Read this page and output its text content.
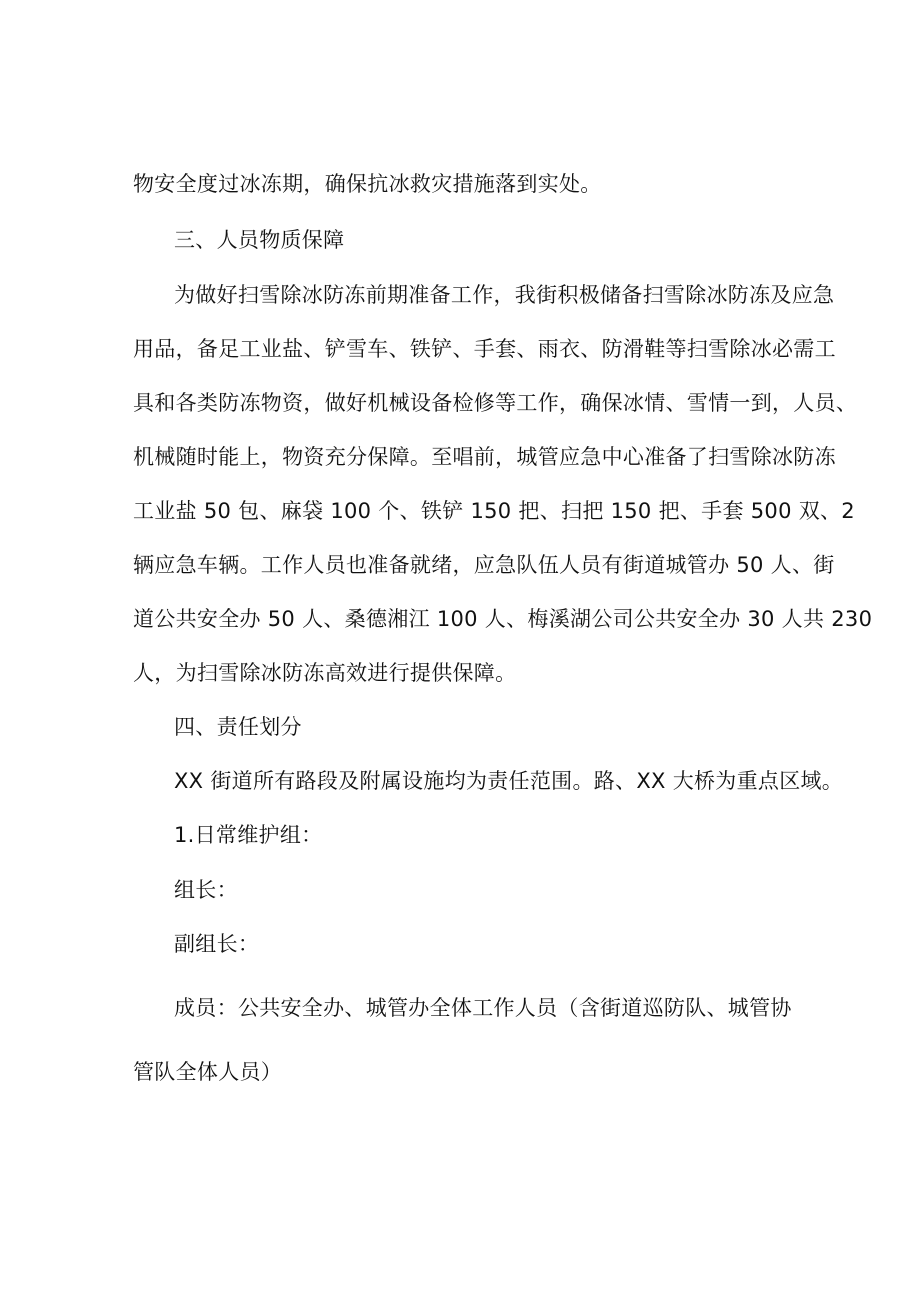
物安全度过冰冻期，确保抗冰救灾措施落到实处。
三、人员物质保障
为做好扫雪除冰防冻前期准备工作，我街积极储备扫雪除冰防冻及应急
用品，备足工业盐、铲雪车、铁铲、手套、雨衣、防滑鞋等扫雪除冰必需工
具和各类防冻物资，做好机械设备检修等工作，确保冰情、雪情一到，人员、
机械随时能上，物资充分保障。至唱前，城管应急中心准备了扫雪除冰防冻
工业盐 50 包、麻袋 100 个、铁铲 150 把、扫把 150 把、手套 500 双、2
辆应急车辆。工作人员也准备就绪，应急队伍人员有街道城管办 50 人、街
道公共安全办 50 人、桑德湘江 100 人、梅溪湖公司公共安全办 30 人共 230
人，为扫雪除冰防冻高效进行提供保障。
四、责任划分
XX 街道所有路段及附属设施均为责任范围。路、XX 大桥为重点区域。
1.日常维护组：
组长：
副组长：
成员：公共安全办、城管办全体工作人员（含街道巡防队、城管协
管队全体人员）
